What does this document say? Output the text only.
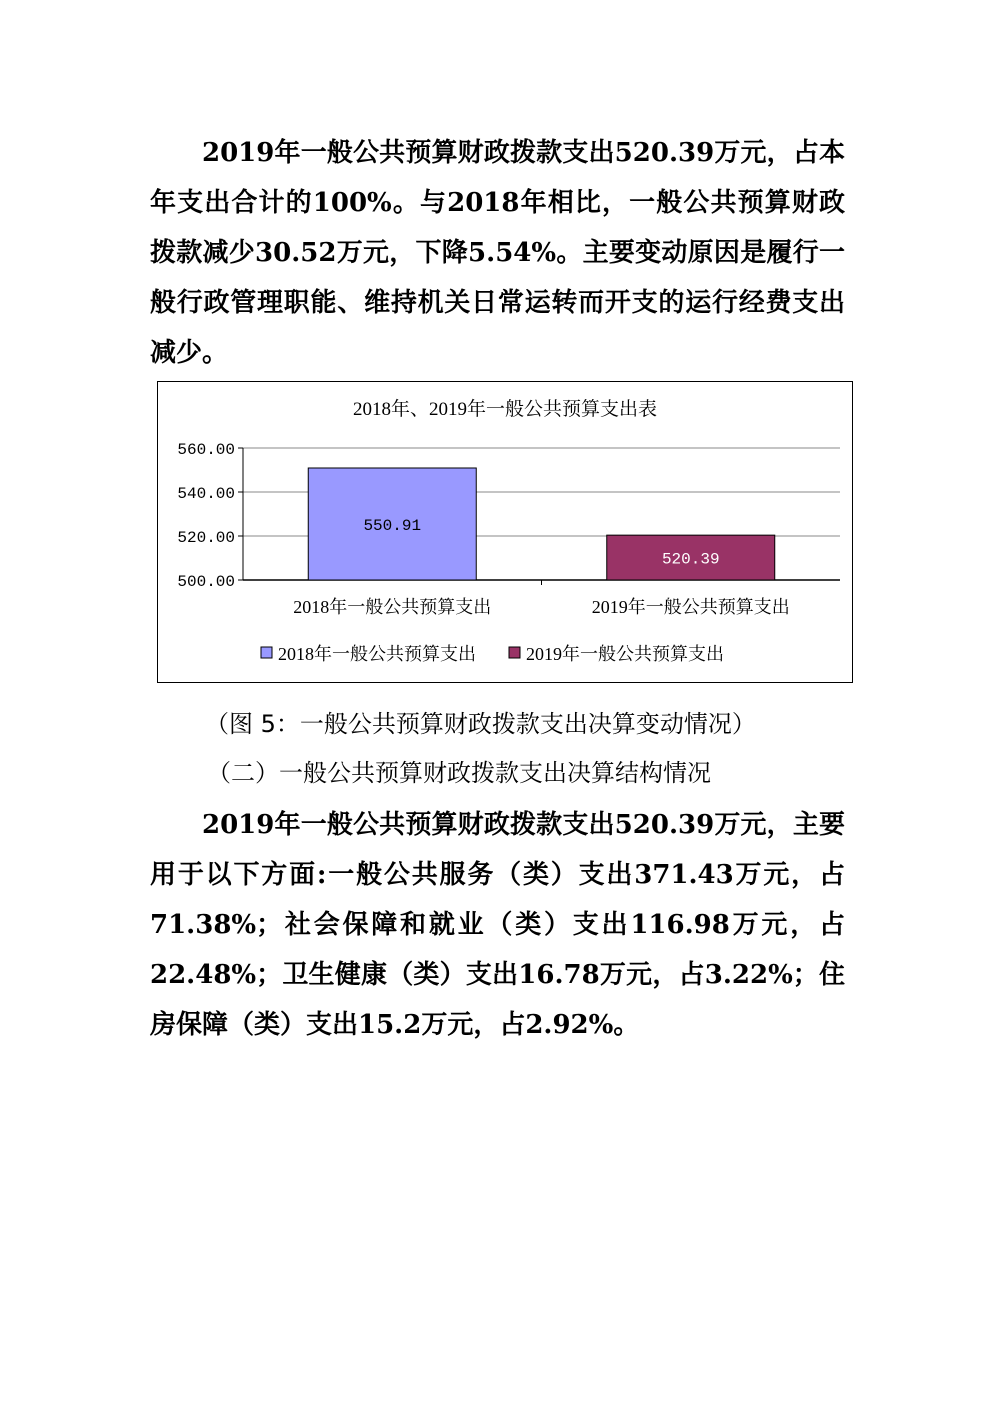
2019年一般公共预算财政拨款支出520.39万元，占本年支出合计的100%。与2018年相比，一般公共预算财政拨款减少30.52万元，下降5.54%。主要变动原因是履行一般行政管理职能、维持机关日常运转而开支的运行经费支出减少。

2018年、2019年一般公共预算支出表
560.00
540.00
520.00
500.00
550.91
2018年一般公共预算支出
520.39
2019年一般公共预算支出
2018年一般公共预算支出	2019年一般公共预算支出

（图 5：一般公共预算财政拨款支出决算变动情况）

（二）一般公共预算财政拨款支出决算结构情况

2019年一般公共预算财政拨款支出520.39万元，主要用于以下方面:一般公共服务（类）支出371.43万元，占71.38%；社会保障和就业（类）支出116.98万元，占22.48%；卫生健康（类）支出16.78万元，占3.22%；住房保障（类）支出15.2万元，占2.92%。
